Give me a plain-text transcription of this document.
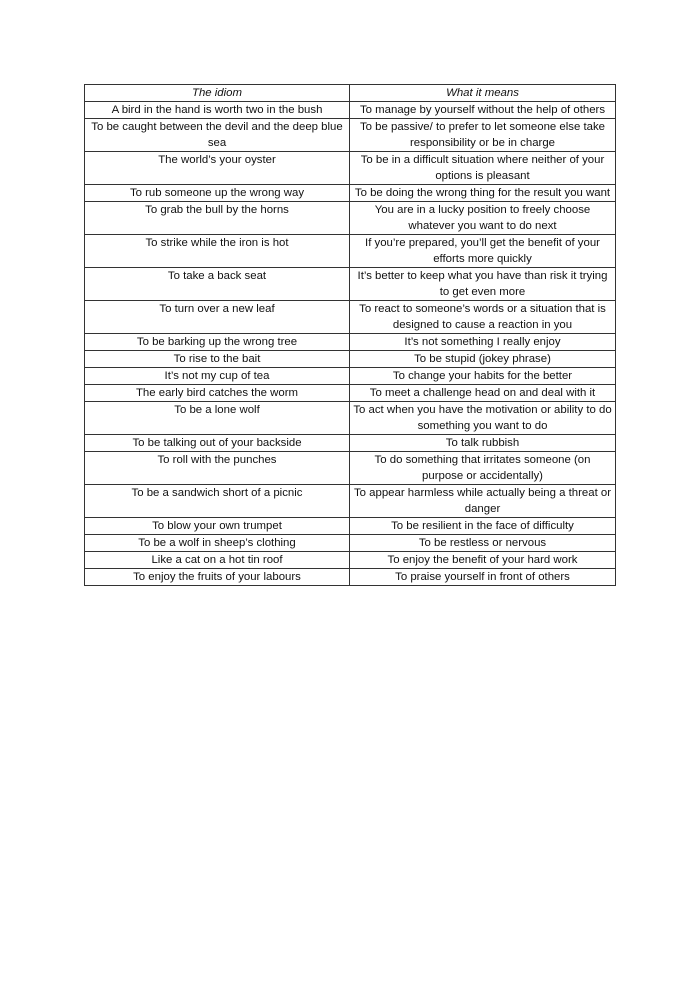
The idiom	What it means
A bird in the hand is worth two in the bush	To manage by yourself without the help of others
To be caught between the devil and the deep blue sea	To be passive/ to prefer to let someone else take responsibility or be in charge
The world’s your oyster	To be in a difficult situation where neither of your options is pleasant
To rub someone up the wrong way	To be doing the wrong thing for the result you want
To grab the bull by the horns	You are in a lucky position to freely choose whatever you want to do next
To strike while the iron is hot	If you’re prepared, you’ll get the benefit of your efforts more quickly
To take a back seat	It’s better to keep what you have than risk it trying to get even more
To turn over a new leaf	To react to someone’s words or a situation that is designed to cause a reaction in you
To be barking up the wrong tree	It’s not something I really enjoy
To rise to the bait	To be stupid (jokey phrase)
It’s not my cup of tea	To change your habits for the better
The early bird catches the worm	To meet a challenge head on and deal with it
To be a lone wolf	To act when you have the motivation or ability to do something you want to do
To be talking out of your backside	To talk rubbish
To roll with the punches	To do something that irritates someone (on purpose or accidentally)
To be a sandwich short of a picnic	To appear harmless while actually being a threat or danger
To blow your own trumpet	To be resilient in the face of difficulty
To be a wolf in sheep’s clothing	To be restless or nervous
Like a cat on a hot tin roof	To enjoy the benefit of your hard work
To enjoy the fruits of your labours	To praise yourself in front of others
